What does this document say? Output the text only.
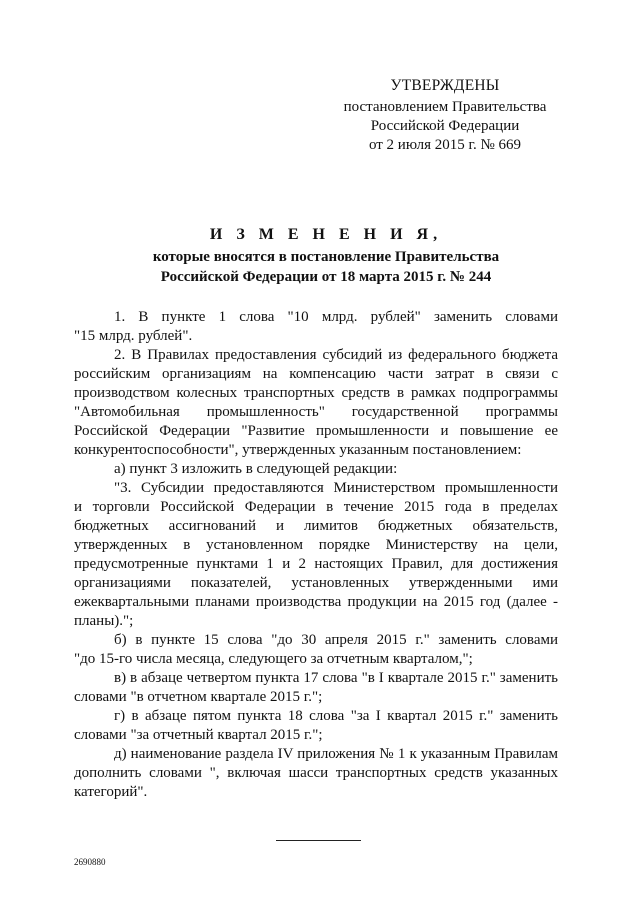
УТВЕРЖДЕНЫ
постановлением Правительства
Российской Федерации
от 2 июля 2015 г. № 669
И З М Е Н Е Н И Я,
которые вносятся в постановление Правительства
Российской Федерации от 18 марта 2015 г. № 244
1. В пункте 1 слова "10 млрд. рублей" заменить словами
"15 млрд. рублей".
2. В Правилах предоставления субсидий из федерального бюджета
российским организациям на компенсацию части затрат в связи с
производством колесных транспортных средств в рамках подпрограммы
"Автомобильная промышленность" государственной программы
Российской Федерации "Развитие промышленности и повышение ее
конкурентоспособности", утвержденных указанным постановлением:
а) пункт 3 изложить в следующей редакции:
"3. Субсидии предоставляются Министерством промышленности
и торговли Российской Федерации в течение 2015 года в пределах
бюджетных ассигнований и лимитов бюджетных обязательств,
утвержденных в установленном порядке Министерству на цели,
предусмотренные пунктами 1 и 2 настоящих Правил, для достижения
организациями показателей, установленных утвержденными ими
ежеквартальными планами производства продукции на 2015 год (далее -
планы).";
б) в пункте 15 слова "до 30 апреля 2015 г." заменить словами
"до 15-го числа месяца, следующего за отчетным кварталом,";
в) в абзаце четвертом пункта 17 слова "в I квартале 2015 г." заменить
словами "в отчетном квартале 2015 г.";
г) в абзаце пятом пункта 18 слова "за I квартал 2015 г." заменить
словами "за отчетный квартал 2015 г.";
д) наименование раздела IV приложения № 1 к указанным Правилам
дополнить словами ", включая шасси транспортных средств указанных
категорий".
2690880
